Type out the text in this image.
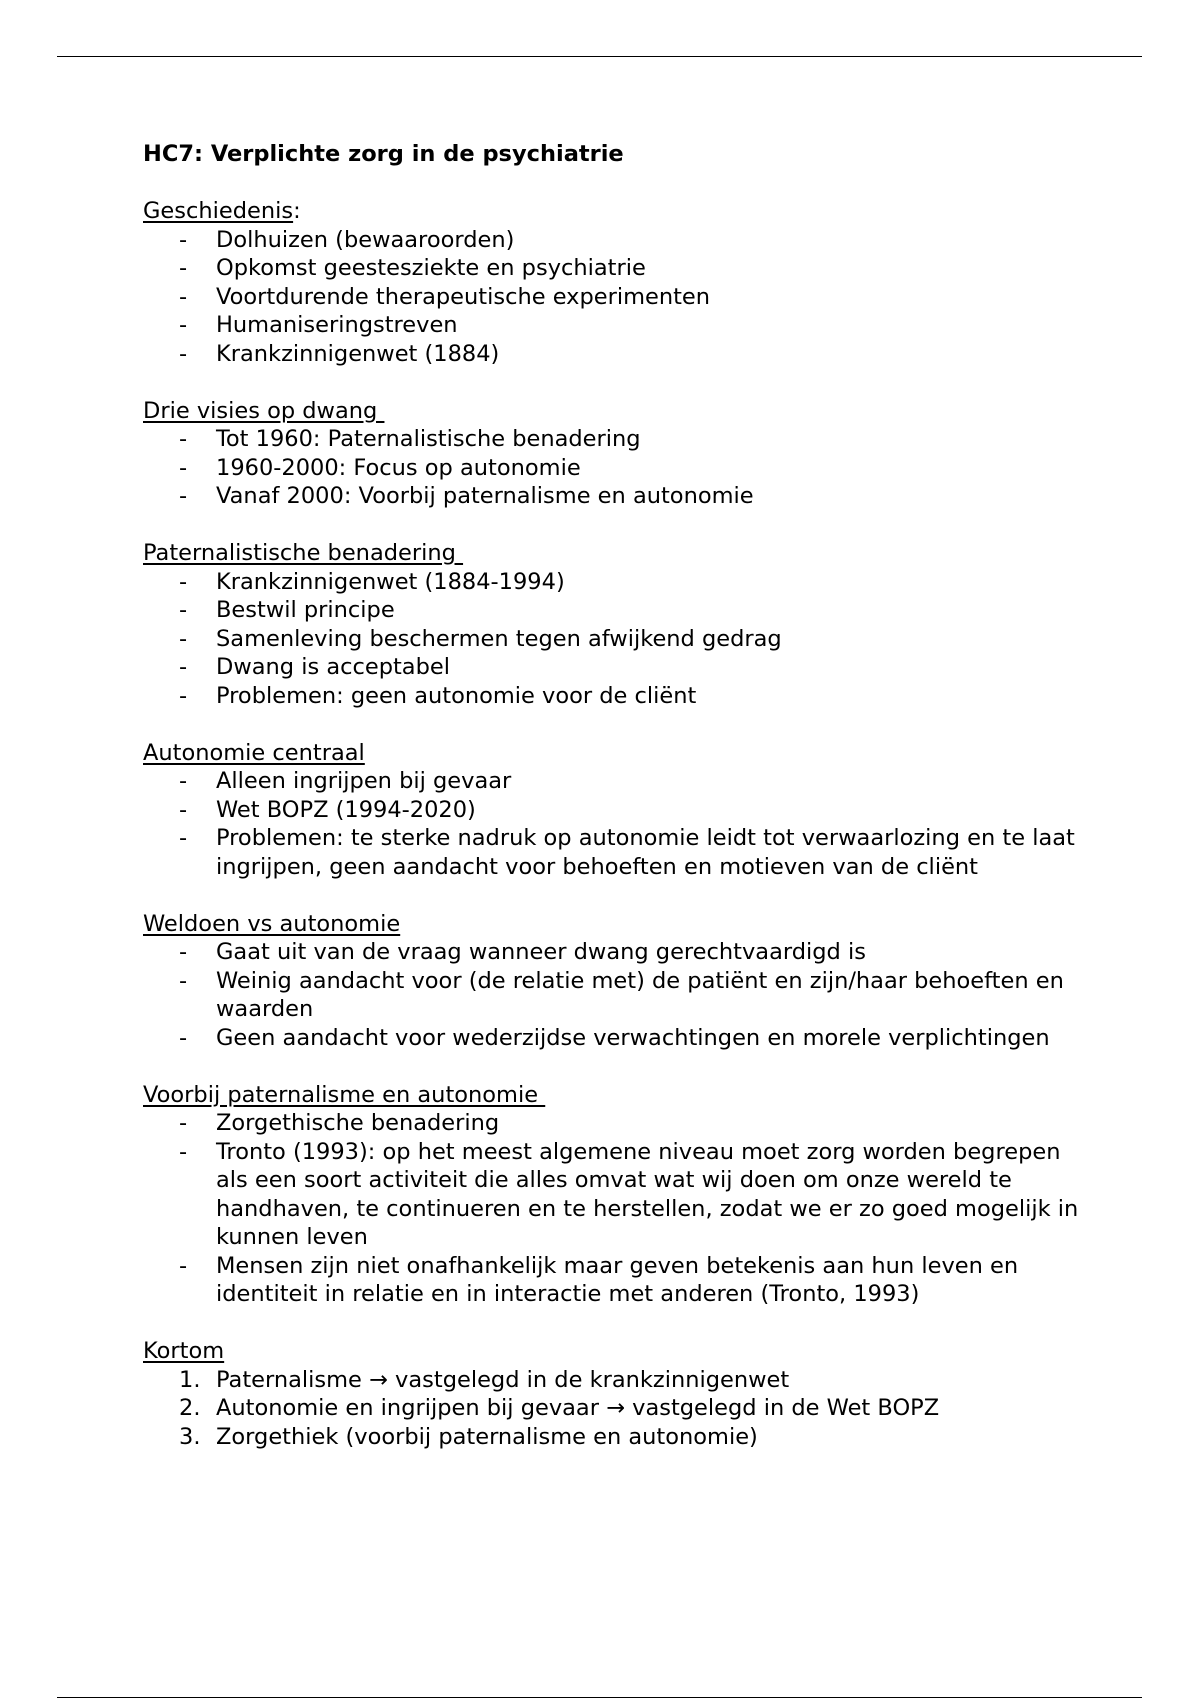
HC7: Verplichte zorg in de psychiatrie
Geschiedenis:
- Dolhuizen (bewaaroorden)
- Opkomst geestesziekte en psychiatrie
- Voortdurende therapeutische experimenten
- Humaniseringstreven
- Krankzinnigenwet (1884)
Drie visies op dwang
- Tot 1960: Paternalistische benadering
- 1960-2000: Focus op autonomie
- Vanaf 2000: Voorbij paternalisme en autonomie
Paternalistische benadering
- Krankzinnigenwet (1884-1994)
- Bestwil principe
- Samenleving beschermen tegen afwijkend gedrag
- Dwang is acceptabel
- Problemen: geen autonomie voor de cliënt
Autonomie centraal
- Alleen ingrijpen bij gevaar
- Wet BOPZ (1994-2020)
- Problemen: te sterke nadruk op autonomie leidt tot verwaarlozing en te laat ingrijpen, geen aandacht voor behoeften en motieven van de cliënt
Weldoen vs autonomie
- Gaat uit van de vraag wanneer dwang gerechtvaardigd is
- Weinig aandacht voor (de relatie met) de patiënt en zijn/haar behoeften en waarden
- Geen aandacht voor wederzijdse verwachtingen en morele verplichtingen
Voorbij paternalisme en autonomie
- Zorgethische benadering
- Tronto (1993): op het meest algemene niveau moet zorg worden begrepen als een soort activiteit die alles omvat wat wij doen om onze wereld te handhaven, te continueren en te herstellen, zodat we er zo goed mogelijk in kunnen leven
- Mensen zijn niet onafhankelijk maar geven betekenis aan hun leven en identiteit in relatie en in interactie met anderen (Tronto, 1993)
Kortom
1. Paternalisme → vastgelegd in de krankzinnigenwet
2. Autonomie en ingrijpen bij gevaar → vastgelegd in de Wet BOPZ
3. Zorgethiek (voorbij paternalisme en autonomie)
